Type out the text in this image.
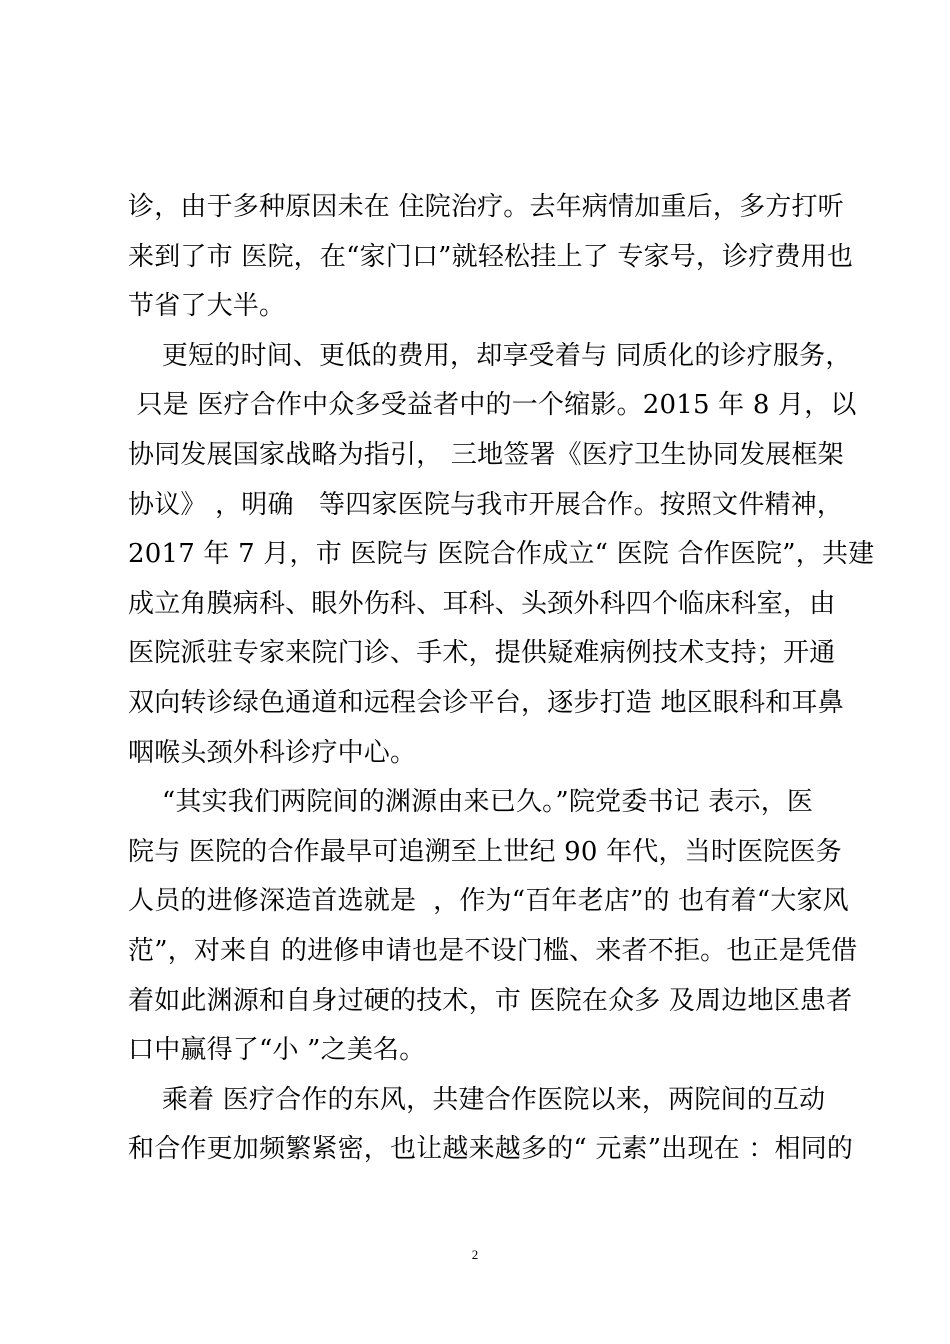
诊，由于多种原因未在 住院治疗。去年病情加重后，多方打听
来到了市 医院，在“家门口”就轻松挂上了 专家号，诊疗费用也
节省了大半。
更短的时间、更低的费用，却享受着与 同质化的诊疗服务，
只是 医疗合作中众多受益者中的一个缩影。2015 年 8 月，以
协同发展国家战略为指引， 三地签署《医疗卫生协同发展框架
协议》 ，明确   等四家医院与我市开展合作。按照文件精神，
2017 年 7 月，市 医院与 医院合作成立“ 医院 合作医院”，共建
成立角膜病科、眼外伤科、耳科、头颈外科四个临床科室，由
医院派驻专家来院门诊、手术，提供疑难病例技术支持；开通
双向转诊绿色通道和远程会诊平台，逐步打造 地区眼科和耳鼻
咽喉头颈外科诊疗中心。
“其实我们两院间的渊源由来已久。”院党委书记 表示，医
院与 医院的合作最早可追溯至上世纪 90 年代，当时医院医务
人员的进修深造首选就是  ，作为“百年老店”的 也有着“大家风
范”，对来自 的进修申请也是不设门槛、来者不拒。也正是凭借
着如此渊源和自身过硬的技术，市 医院在众多 及周边地区患者
口中赢得了“小 ”之美名。
乘着 医疗合作的东风，共建合作医院以来，两院间的互动
和合作更加频繁紧密，也让越来越多的“ 元素”出现在 ：相同的
2
